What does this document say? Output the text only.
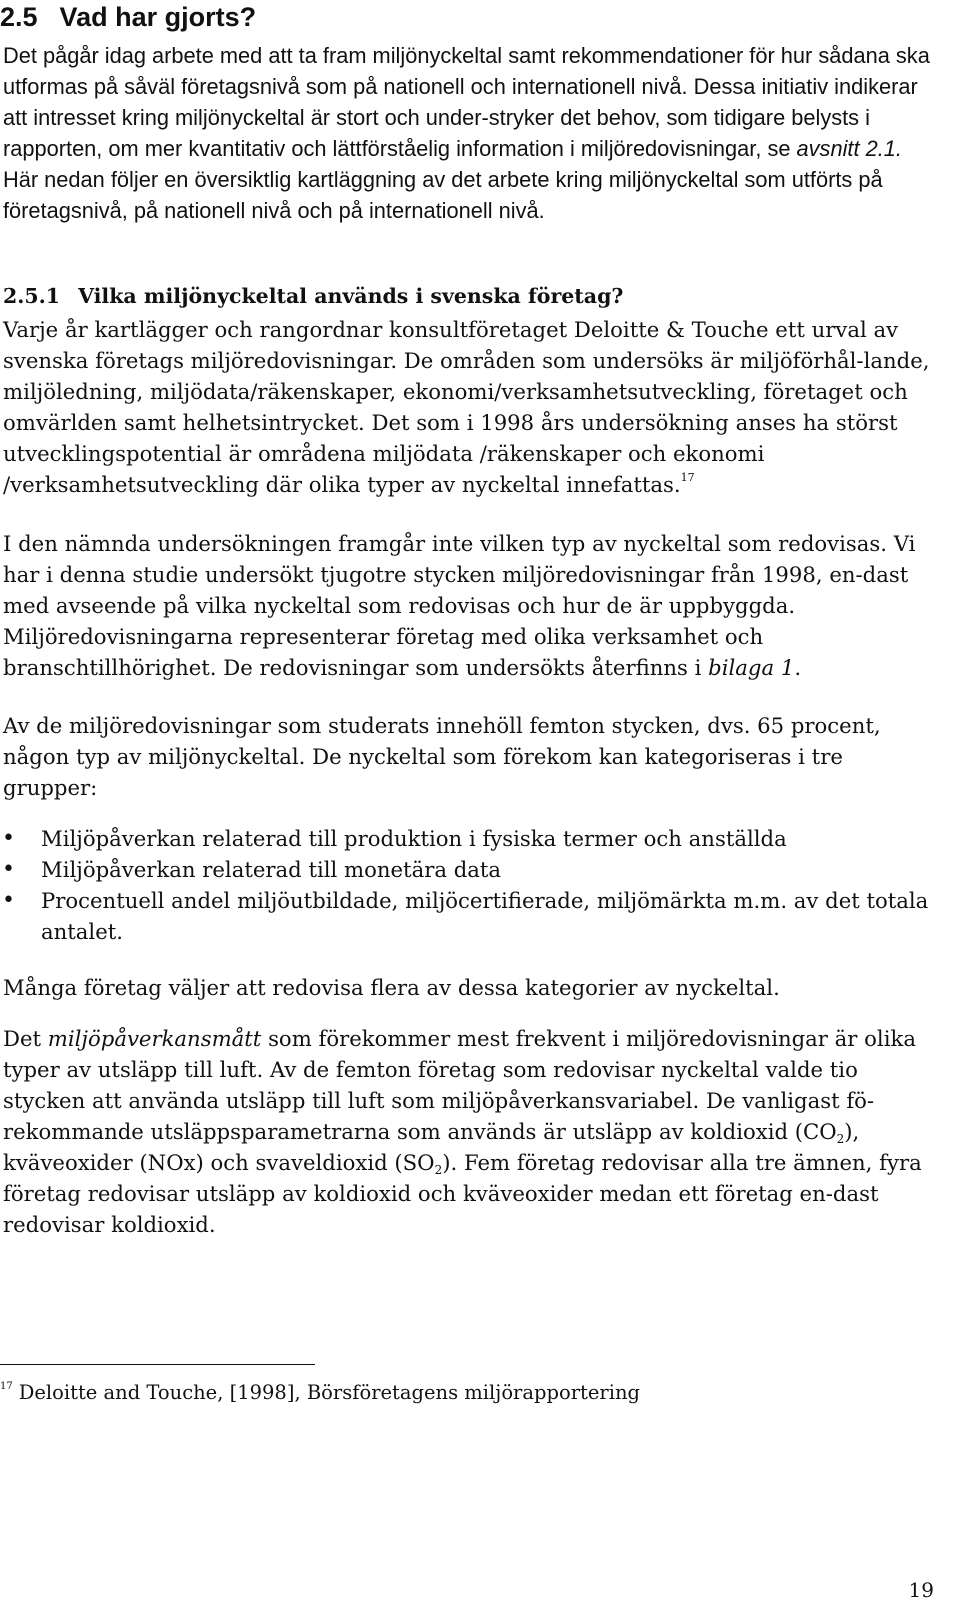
2.5 Vad har gjorts?

Det pågår idag arbete med att ta fram miljönyckeltal samt rekommendationer för hur sådana ska utformas på såväl företagsnivå som på nationell och internationell nivå. Dessa initiativ indikerar att intresset kring miljönyckeltal är stort och under-stryker det behov, som tidigare belysts i rapporten, om mer kvantitativ och lättförståelig information i miljöredovisningar, se avsnitt 2.1. Här nedan följer en översiktlig kartläggning av det arbete kring miljönyckeltal som utförts på företagsnivå, på nationell nivå och på internationell nivå.

2.5.1 Vilka miljönyckeltal används i svenska företag?

Varje år kartlägger och rangordnar konsultföretaget Deloitte & Touche ett urval av svenska företags miljöredovisningar. De områden som undersöks är miljöförhål-lande, miljöledning, miljödata/räkenskaper, ekonomi/verksamhetsutveckling, företaget och omvärlden samt helhetsintrycket. Det som i 1998 års undersökning anses ha störst utvecklingspotential är områdena miljödata /räkenskaper och ekonomi /verksamhetsutveckling där olika typer av nyckeltal innefattas.$^{17}$

I den nämnda undersökningen framgår inte vilken typ av nyckeltal som redovisas. Vi har i denna studie undersökt tjugotre stycken miljöredovisningar från 1998, en-dast med avseende på vilka nyckeltal som redovisas och hur de är uppbyggda. Miljöredovisningarna representerar företag med olika verksamhet och branschtillhörighet. De redovisningar som undersökts återfinns i bilaga 1.

Av de miljöredovisningar som studerats innehöll femton stycken, dvs. 65 procent, någon typ av miljönyckeltal. De nyckeltal som förekom kan kategoriseras i tre grupper:

• Miljöpåverkan relaterad till produktion i fysiska termer och anställda
• Miljöpåverkan relaterad till monetära data
• Procentuell andel miljöutbildade, miljöcertifierade, miljömärkta m.m. av det totala antalet.

Många företag väljer att redovisa flera av dessa kategorier av nyckeltal.

Det miljöpåverkansmått som förekommer mest frekvent i miljöredovisningar är olika typer av utsläpp till luft. Av de femton företag som redovisar nyckeltal valde tio stycken att använda utsläpp till luft som miljöpåverkansvariabel. De vanligast fö-rekommande utsläppsparametrarna som används är utsläpp av koldioxid $(CO_2)$, kväveoxider (NOx) och svaveldioxid $(SO_2)$. Fem företag redovisar alla tre ämnen, fyra företag redovisar utsläpp av koldioxid och kväveoxider medan ett företag en-dast redovisar koldioxid.

$^{17}$ Deloitte and Touche, [1998], Börsföretagens miljörapportering
19
